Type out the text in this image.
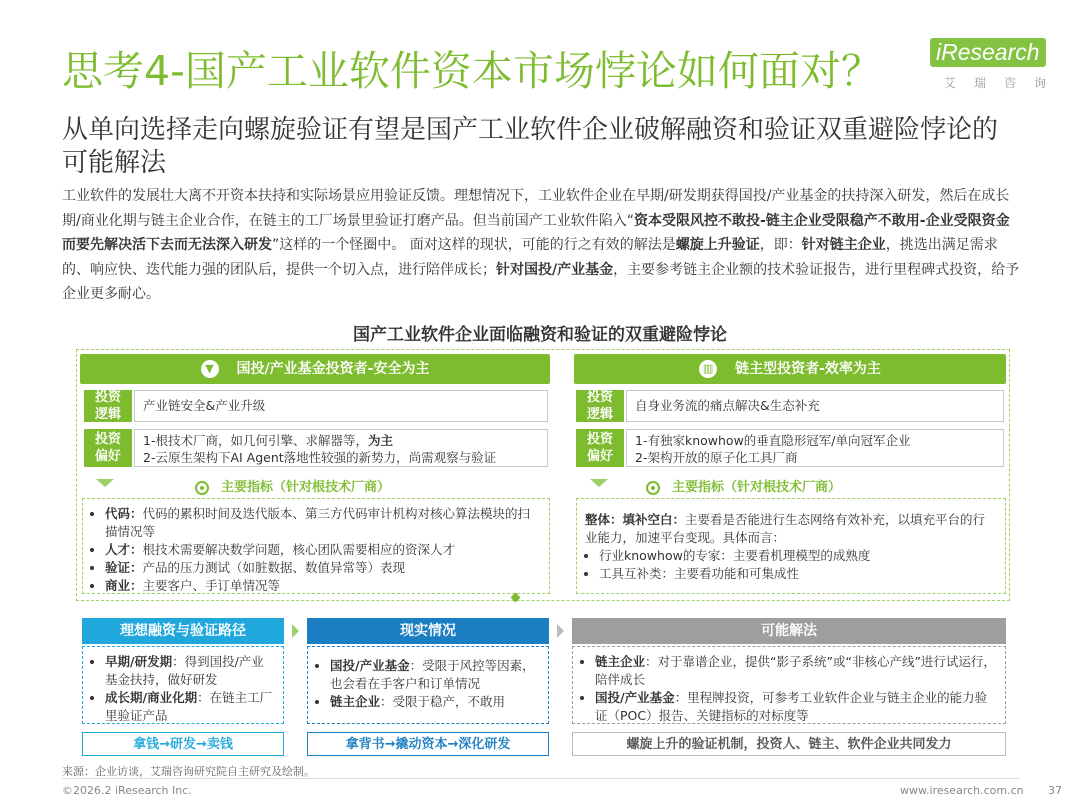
思考4-国产工业软件资本市场悖论如何面对？ iResearch
艾瑞咨询
从单向选择走向螺旋验证有望是国产工业软件企业破解融资和验证双重避险悖论的可能解法
工业软件的发展壮大离不开资本扶持和实际场景应用验证反馈。理想情况下，工业软件企业在早期/研发期获得国投/产业基金的扶持深入研发，然后在成长期/商业化期与链主企业合作，在链主的工厂场景里验证打磨产品。但当前国产工业软件陷入“资本受限风控不敢投-链主企业受限稳产不敢用-企业受限资金而要先解决活下去而无法深入研发”这样的一个怪圈中。 面对这样的现状，可能的行之有效的解法是螺旋上升验证，即：针对链主企业，挑选出满足需求的、响应快、迭代能力强的团队后，提供一个切入点，进行陪伴成长；针对国投/产业基金，主要参考链主企业额的技术验证报告，进行里程碑式投资，给予企业更多耐心。
国产工业软件企业面临融资和验证的双重避险悖论
▼ 国投/产业基金投资者-安全为主
投资
逻辑
产业链安全&产业升级
投资
偏好
1-根技术厂商，如几何引擎、求解器等，为主
2-云原生架构下AI Agent落地性较强的新势力，尚需观察与验证
主要指标（针对根技术厂商）
• 代码：代码的累积时间及迭代版本、第三方代码审计机构对核心算法模块的扫描情况等
• 人才：根技术需要解决数学问题，核心团队需要相应的资深人才
• 验证：产品的压力测试（如脏数据、数值异常等）表现
• 商业：主要客户、手订单情况等
▥ 链主型投资者-效率为主
投资
逻辑
自身业务流的痛点解决&生态补充
投资
偏好
1-有独家knowhow的垂直隐形冠军/单向冠军企业
2-架构开放的原子化工具厂商
主要指标（针对根技术厂商）
整体：填补空白：主要看是否能进行生态网络有效补充，以填充平台的行业能力，加速平台变现。具体而言：
• 行业knowhow的专家：主要看机理模型的成熟度
• 工具互补类：主要看功能和可集成性
理想融资与验证路径
• 早期/研发期：得到国投/产业基金扶持，做好研发
• 成长期/商业化期：在链主工厂里验证产品
拿钱→研发→卖钱
现实情况
• 国投/产业基金：受限于风控等因素，也会看在手客户和订单情况
• 链主企业：受限于稳产，不敢用
拿背书→撬动资本→深化研发
可能解法
• 链主企业：对于靠谱企业，提供“影子系统”或“非核心产线”进行试运行，陪伴成长
• 国投/产业基金：里程牌投资，可参考工业软件企业与链主企业的能力验证（POC）报告、关键指标的对标度等
螺旋上升的验证机制，投资人、链主、软件企业共同发力
来源：企业访谈，艾瑞咨询研究院自主研究及绘制。
©2026.2 iResearch Inc.	www.iresearch.com.cn 37
